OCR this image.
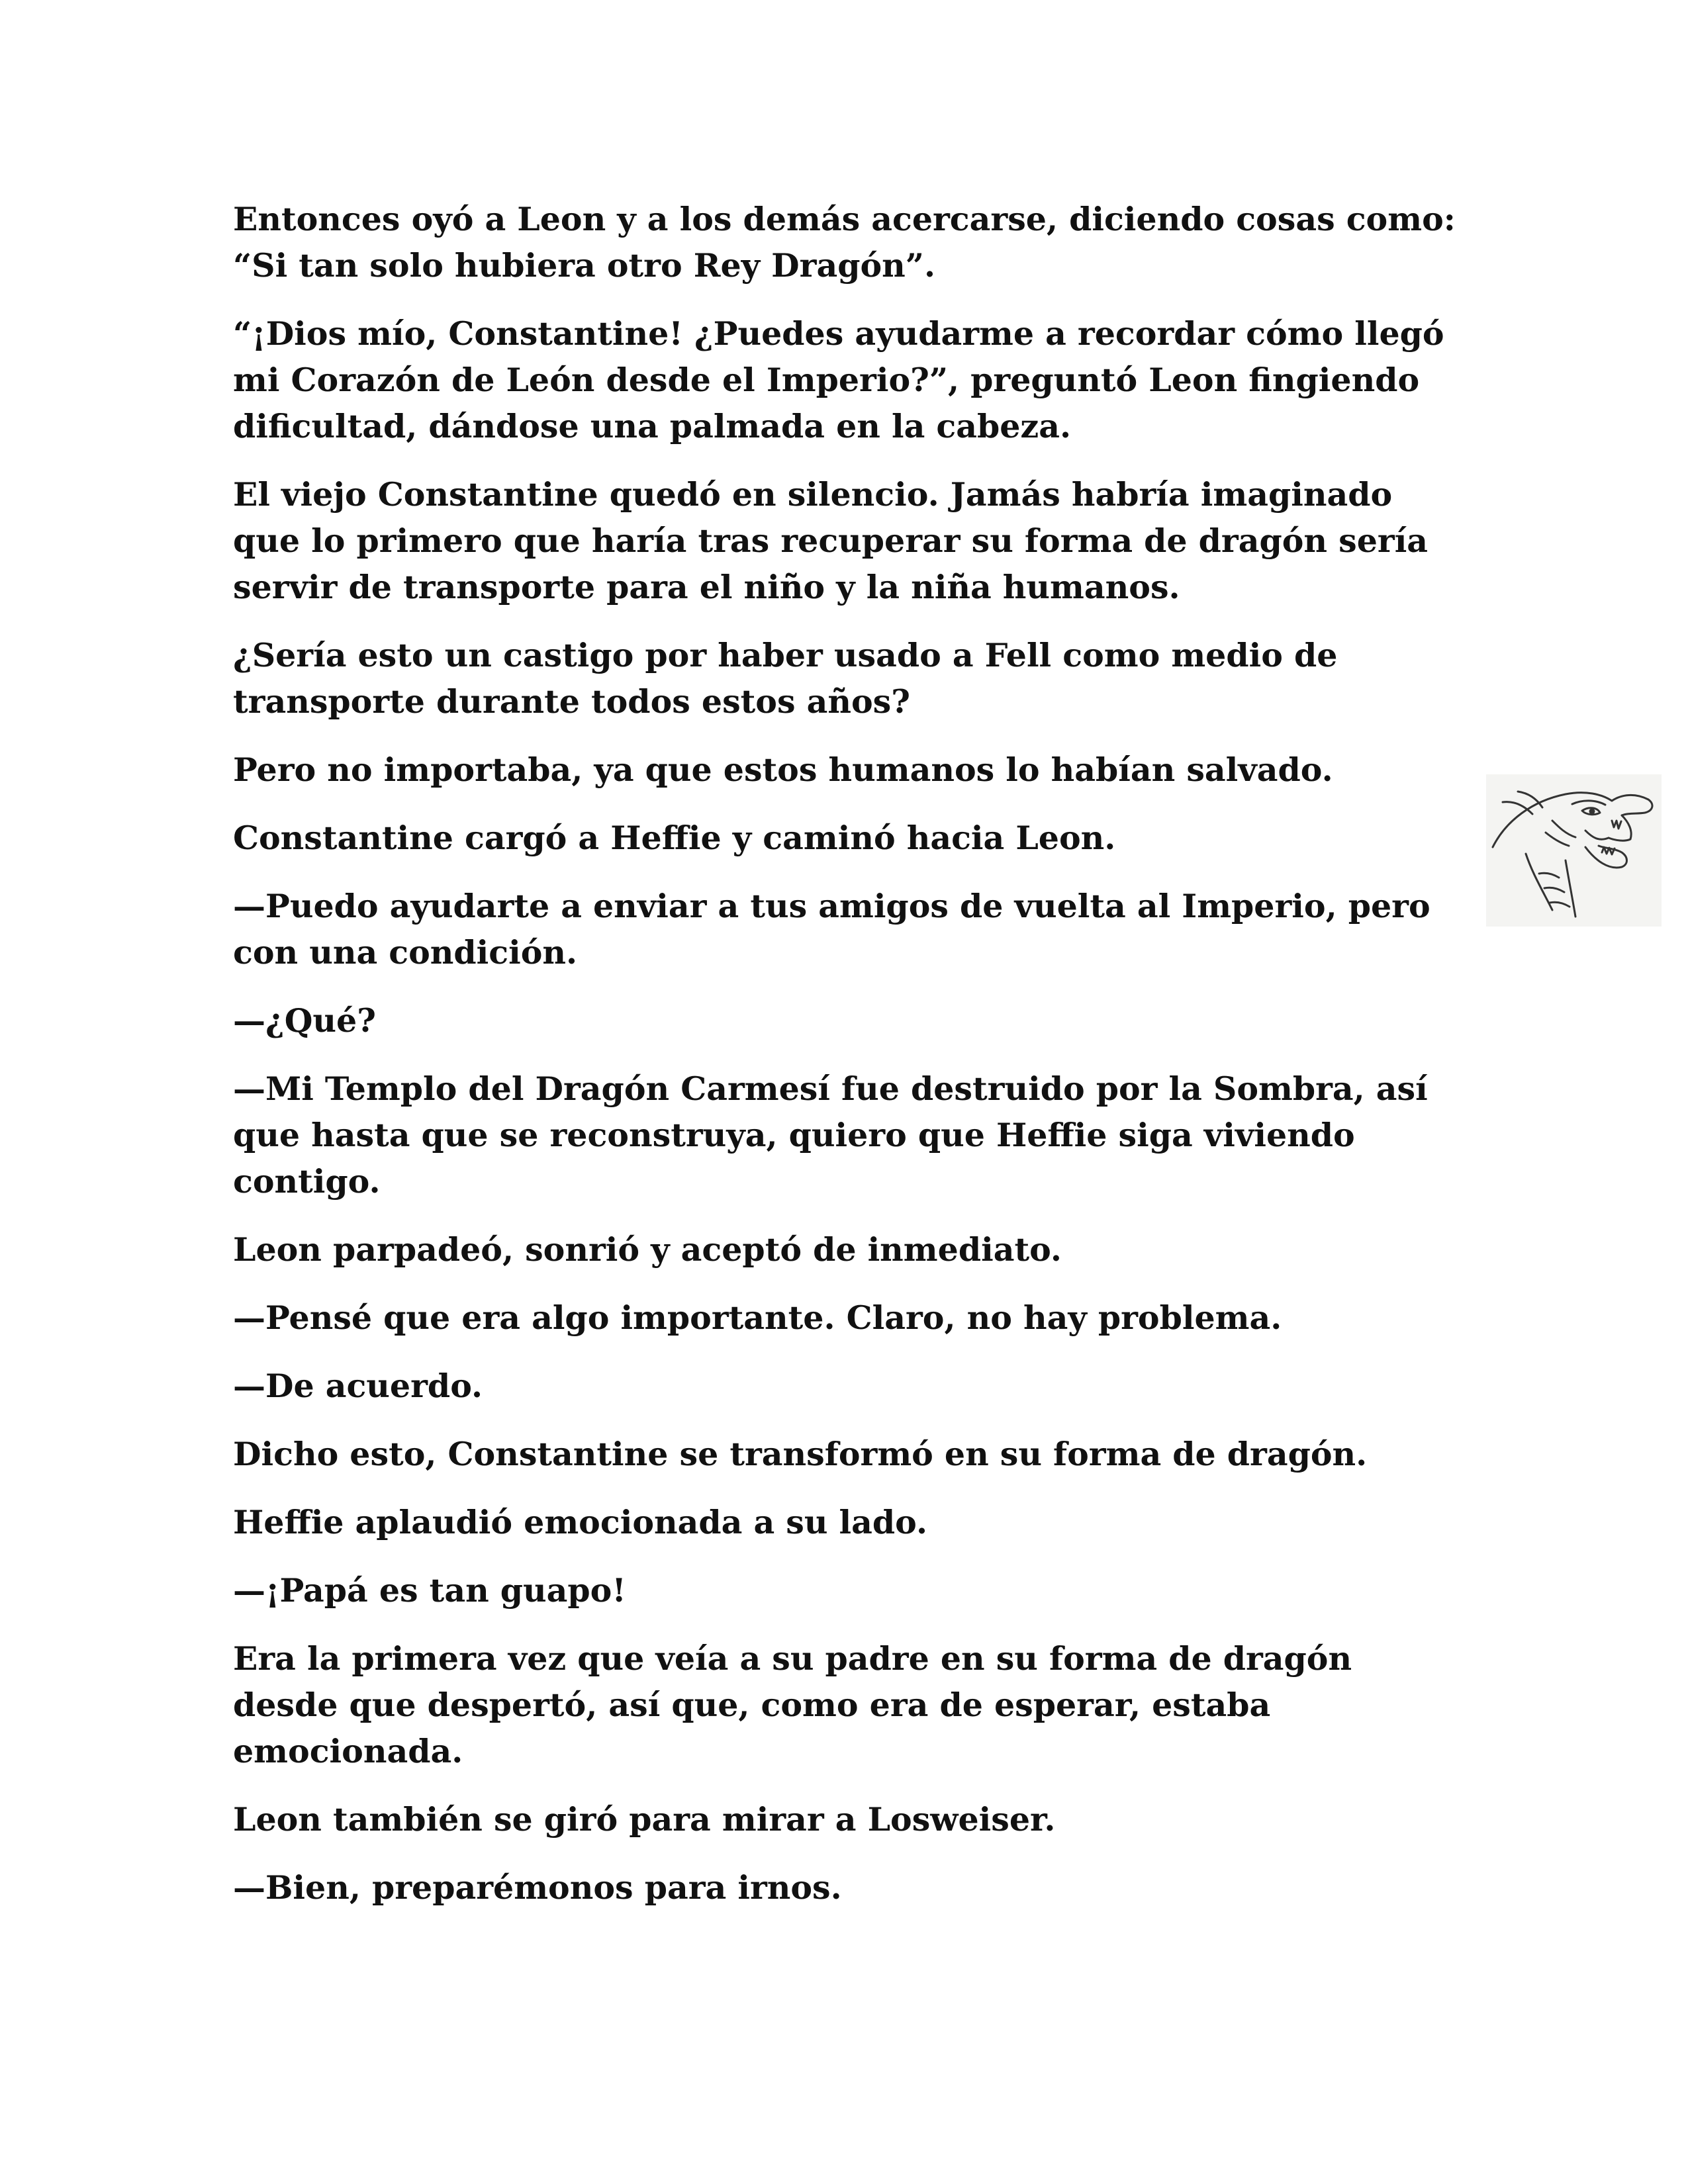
Entonces oyó a Leon y a los demás acercarse, diciendo cosas como: “Si tan solo hubiera otro Rey Dragón”.

“¡Dios mío, Constantine! ¿Puedes ayudarme a recordar cómo llegó mi Corazón de León desde el Imperio?”, preguntó Leon fingiendo dificultad, dándose una palmada en la cabeza.

El viejo Constantine quedó en silencio. Jamás habría imaginado que lo primero que haría tras recuperar su forma de dragón sería servir de transporte para el niño y la niña humanos.

¿Sería esto un castigo por haber usado a Fell como medio de transporte durante todos estos años?

Pero no importaba, ya que estos humanos lo habían salvado.

Constantine cargó a Heffie y caminó hacia Leon.

—Puedo ayudarte a enviar a tus amigos de vuelta al Imperio, pero con una condición.

—¿Qué?

—Mi Templo del Dragón Carmesí fue destruido por la Sombra, así que hasta que se reconstruya, quiero que Heffie siga viviendo contigo.

Leon parpadeó, sonrió y aceptó de inmediato.

—Pensé que era algo importante. Claro, no hay problema.

—De acuerdo.

Dicho esto, Constantine se transformó en su forma de dragón.

Heffie aplaudió emocionada a su lado.

—¡Papá es tan guapo!

Era la primera vez que veía a su padre en su forma de dragón desde que despertó, así que, como era de esperar, estaba emocionada.

Leon también se giró para mirar a Losweiser.

—Bien, preparémonos para irnos.
